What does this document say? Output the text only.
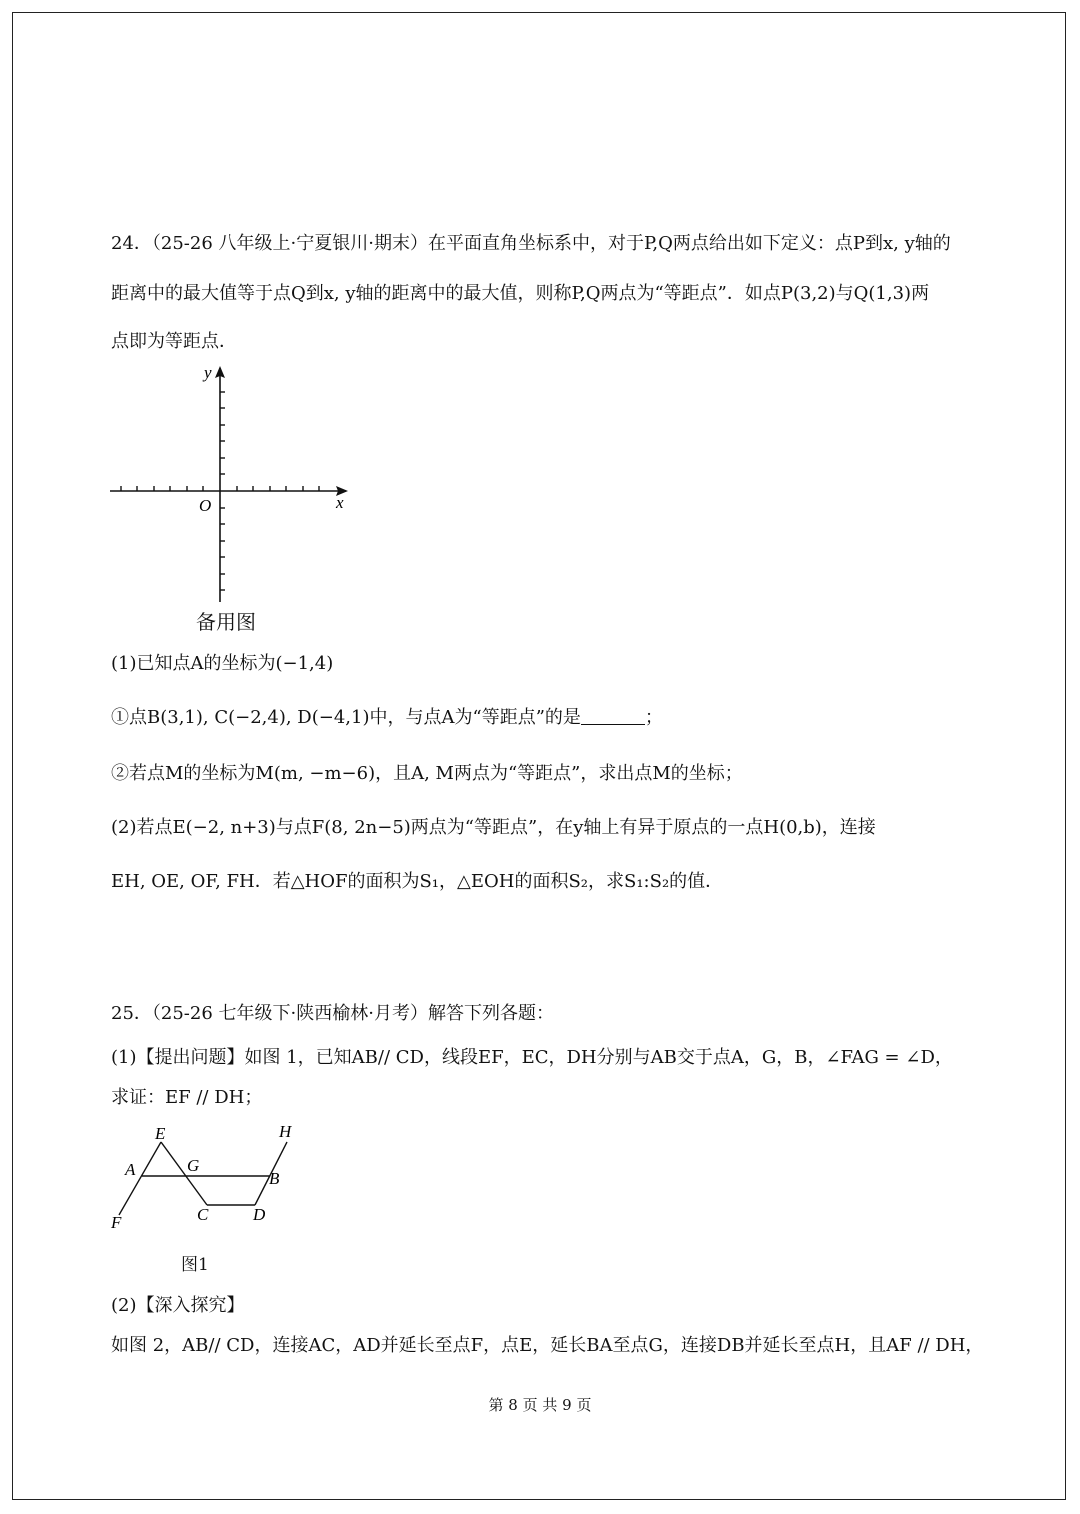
24．（25-26 八年级上·宁夏银川·期末）在平面直角坐标系中，对于P,Q两点给出如下定义：点P到x, y轴的
距离中的最大值等于点Q到x, y轴的距离中的最大值，则称P,Q两点为“等距点”．如点P(3,2)与Q(1,3)两
点即为等距点．
y
x
O
备用图
(1)已知点A的坐标为(−1,4)
①点B(3,1), C(−2,4), D(−4,1)中，与点A为“等距点”的是	；
②若点M的坐标为M(m, −m−6)，且A, M两点为“等距点”，求出点M的坐标；
(2)若点E(−2, n+3)与点F(8, 2n−5)两点为“等距点”，在y轴上有异于原点的一点H(0,b)，连接
EH, OE, OF, FH．若△HOF的面积为S₁，△EOH的面积S₂，求S₁:S₂的值．
25．（25-26 七年级下·陕西榆林·月考）解答下列各题：
(1)【提出问题】如图 1，已知AB// CD，线段EF，EC，DH分别与AB交于点A，G，B，∠FAG = ∠D，
求证：EF // DH；
E	H
A	G
B
F	C	D
图1
(2)【深入探究】
如图 2，AB// CD，连接AC，AD并延长至点F，点E，延长BA至点G，连接DB并延长至点H，且AF // DH，
第 8 页 共 9 页
